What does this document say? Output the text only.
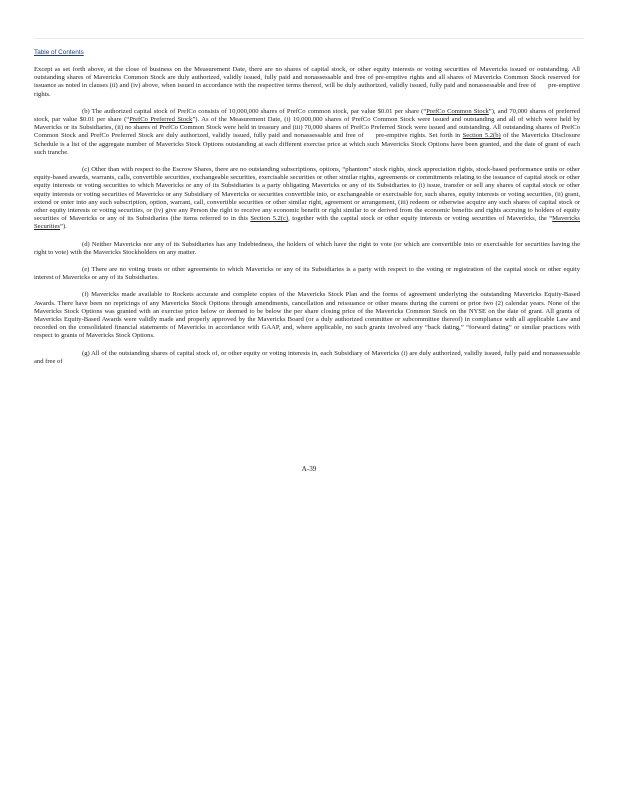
Table of Contents

Except as set forth above, at the close of business on the Measurement Date, there are no shares of capital stock, or other equity interests or voting securities of Mavericks issued or outstanding. All outstanding shares of Mavericks Common Stock are duly authorized, validly issued, fully paid and nonassessable and free of pre-emptive rights and all shares of Mavericks Common Stock reserved for issuance as noted in clauses (ii) and (iv) above, when issued in accordance with the respective terms thereof, will be duly authorized, validly issued, fully paid and nonassessable and free of pre-emptive rights.

(b) The authorized capital stock of PrefCo consists of 10,000,000 shares of PrefCo common stock, par value $0.01 per share (“PrefCo Common Stock”), and 70,000 shares of preferred stock, par value $0.01 per share (“PrefCo Preferred Stock”). As of the Measurement Date, (i) 10,000,000 shares of PrefCo Common Stock were issued and outstanding and all of which were held by Mavericks or its Subsidiaries, (ii) no shares of PrefCo Common Stock were held in treasury and (iii) 70,000 shares of PrefCo Preferred Stock were issued and outstanding. All outstanding shares of PrefCo Common Stock and PrefCo Preferred Stock are duly authorized, validly issued, fully paid and nonassessable and free of pre-emptive rights. Set forth in Section 5.2(b) of the Mavericks Disclosure Schedule is a list of the aggregate number of Mavericks Stock Options outstanding at each different exercise price at which such Mavericks Stock Options have been granted, and the date of grant of each such tranche.

(c) Other than with respect to the Escrow Shares, there are no outstanding subscriptions, options, “phantom” stock rights, stock appreciation rights, stock-based performance units or other equity-based awards, warrants, calls, convertible securities, exchangeable securities, exercisable securities or other similar rights, agreements or commitments relating to the issuance of capital stock or other equity interests or voting securities to which Mavericks or any of its Subsidiaries is a party obligating Mavericks or any of its Subsidiaries to (i) issue, transfer or sell any shares of capital stock or other equity interests or voting securities of Mavericks or any Subsidiary of Mavericks or securities convertible into, or exchangeable or exercisable for, such shares, equity interests or voting securities, (ii) grant, extend or enter into any such subscription, option, warrant, call, convertible securities or other similar right, agreement or arrangement, (iii) redeem or otherwise acquire any such shares of capital stock or other equity interests or voting securities, or (iv) give any Person the right to receive any economic benefit or right similar to or derived from the economic benefits and rights accruing to holders of equity securities of Mavericks or any of its Subsidiaries (the items referred to in this Section 5.2(c), together with the capital stock or other equity interests or voting securities of Mavericks, the “Mavericks Securities”).

(d) Neither Mavericks nor any of its Subsidiaries has any Indebtedness, the holders of which have the right to vote (or which are convertible into or exercisable for securities having the right to vote) with the Mavericks Stockholders on any matter.

(e) There are no voting trusts or other agreements to which Mavericks or any of its Subsidiaries is a party with respect to the voting or registration of the capital stock or other equity interest of Mavericks or any of its Subsidiaries.

(f) Mavericks made available to Rockets accurate and complete copies of the Mavericks Stock Plan and the forms of agreement underlying the outstanding Mavericks Equity-Based Awards. There have been no repricings of any Mavericks Stock Options through amendments, cancellation and reissuance or other means during the current or prior two (2) calendar years. None of the Mavericks Stock Options was granted with an exercise price below or deemed to be below the per share closing price of the Mavericks Common Stock on the NYSE on the date of grant. All grants of Mavericks Equity-Based Awards were validly made and properly approved by the Mavericks Board (or a duly authorized committee or subcommittee thereof) in compliance with all applicable Law and recorded on the consolidated financial statements of Mavericks in accordance with GAAP, and, where applicable, no such grants involved any “back dating,” “forward dating” or similar practices with respect to grants of Mavericks Stock Options.

(g) All of the outstanding shares of capital stock of, or other equity or voting interests in, each Subsidiary of Mavericks (i) are duly authorized, validly issued, fully paid and nonassessable and free of

A-39
